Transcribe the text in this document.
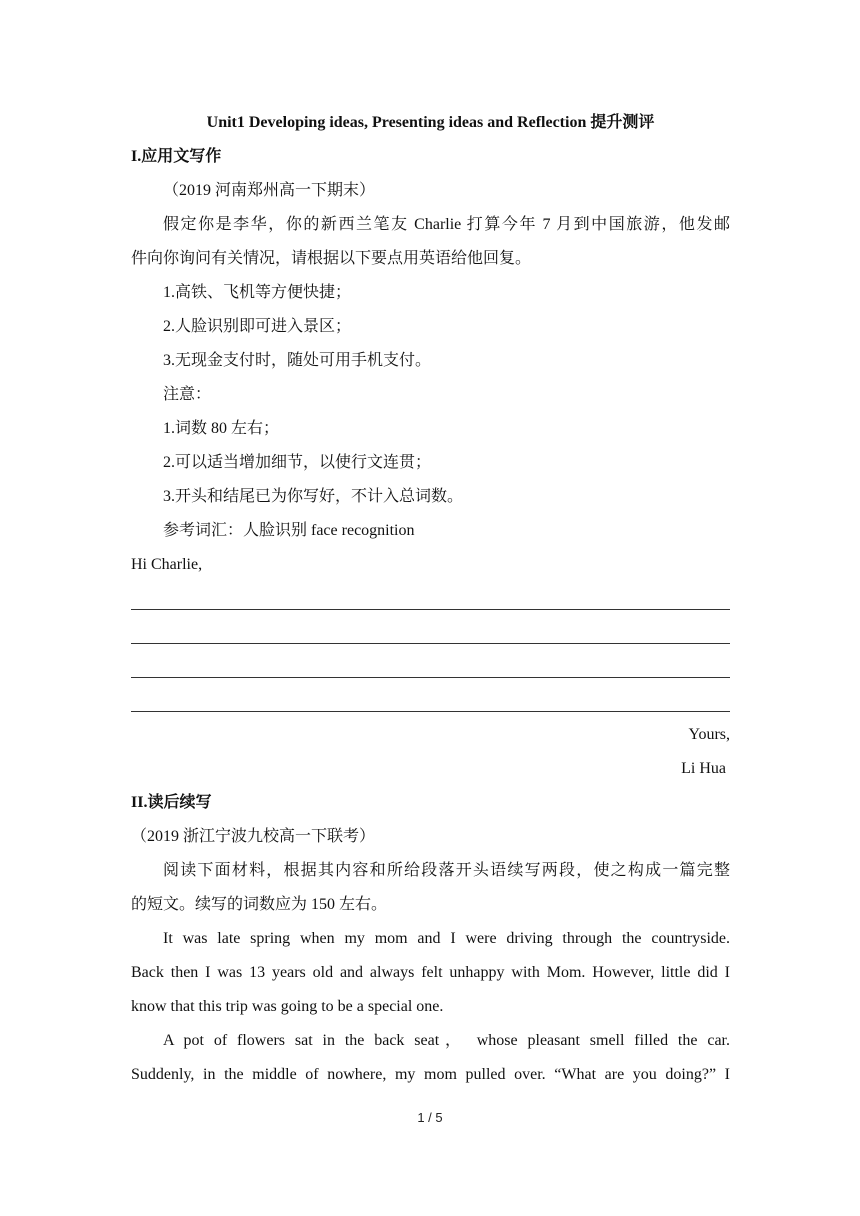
Unit1 Developing ideas, Presenting ideas and Reflection 提升测评
I.应用文写作
（2019 河南郑州高一下期末）
假定你是李华，你的新西兰笔友 Charlie 打算今年 7 月到中国旅游，他发邮
件向你询问有关情况，请根据以下要点用英语给他回复。
1.高铁、飞机等方便快捷；
2.人脸识别即可进入景区；
3.无现金支付时，随处可用手机支付。
注意：
1.词数 80 左右；
2.可以适当增加细节，以使行文连贯；
3.开头和结尾已为你写好，不计入总词数。
参考词汇：人脸识别 face recognition
Hi Charlie,
Yours,
Li Hua
II.读后续写
（2019 浙江宁波九校高一下联考）
阅读下面材料，根据其内容和所给段落开头语续写两段，使之构成一篇完整
的短文。续写的词数应为 150 左右。
It was late spring when my mom and I were driving through the countryside.
Back then I was 13 years old and always felt unhappy with Mom. However, little did I
know that this trip was going to be a special one.
A pot of flowers sat in the back seat， whose pleasant smell filled the car.
Suddenly, in the middle of nowhere, my mom pulled over. “What are you doing?” I
1 / 5
